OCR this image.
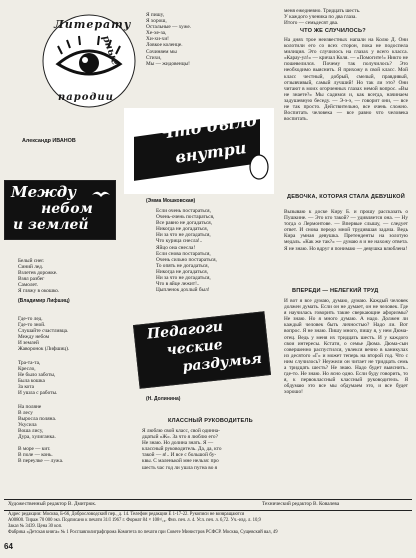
Литерату
рные
пародии
Александр ИВАНОВ
Между
небом
и землей

Белый снег.

Синий лед.

Взлетев дорожке.

Взял разбег

Самолет.

Я гляжу в окошко.

(Владимир Лифшиц)

Где-то лед.

Где-то зной.

Слушайте счастливца.

Между небом

И землей

Жаворонок (Лифшиц).

Тра-та-та,

Кресло,

Не было заботы,

Была кошка

За кота

И ушла с работы.

На поляне

В лесу

Выросла поляна.

Укусила

Воша лису,

Дура, хулиганка.

В море — кит.

В поле — конь.

В переулке — лужа.

Я пишу,

Я хорош,

Остальные — хуже.

Хе-хе-за,

Хи-хи-хи!

Ловкое коленце.

Сочиняем мы

Стихи,

Мы — жидовенцы!

Что было
внутри
(Эмма Мошковская)

Если очень постараться,

Очень-очень постараться,

Все равно не догадаться,

Никогда не догадаться,

Ни за что не догадаться,

Что курица снесла!..

Яйцо она снесла!

Если снова постараться,

Очень сильно постараться,

То опять не догадаться,

Никогда не догадаться,

Ни за что не догадаться,

Что в яйце лежит!..

Цыпленок дохлый был!

Педагоги
ческие
раздумья
(Н. Долинина)
КЛАССНЫЙ РУКОВОДИТЕЛЬ

Я люблю свой класс, свой одинна-

дцатый «Ж». За что я люблю его?

Не знаю. Но долина знать. Я —

классный руководитель. Да, да, кто

такой — я!.. И все с большой бу-

квы. С маленькой мне нельзя: про

шесть час год ли ушла пугна во я

меня ежедневно. Тридцать шесть.

У каждого ученика по два глаза.

Итого — семьдесят два.

ЧТО ЖЕ СЛУЧИЛОСЬ?

На днях трое неизвестных напали на Колю Д. Они колотили его со всех сторон, пока не подоспела милиция. Это случилось на глазах у всего класса. «Карау-ул!» — кричал Коля. — «Помогите!» Никто не пошевелился. Почему так получилось? Это необходимо выяснить. Я прихожу в свой класс. Мой класс честный, добрый, смелый, правдивый, отзывчивый, самый лучший! Но так ли это? Они читают в моих огорченных глазах немой вопрос. «Вы не знаете?» Мы садимся и, как всегда, начинаем задушевную беседу. — Э-э-э, — говорит они, — все не так просто. Действительно, все очень сложно. Воспитать человека — все равно что человека воспитать.

ДЕВОЧКА, КОТОРАЯ СТАЛА ДЕВУШКОЙ

Вызываю к доске Киру Б. и прошу рассказать о Пушкине. — Это кто такой? — удивляется она. — Ну тогда о Лермонтове. — Впервые слышу, — следует ответ. И снова передо мной трудившая задача. Ведь Кира умная девушка. Претенденты на золотую медаль. «Как же так?» — думаю я и не нахожу ответа. Я не знаю. Но вдруг я понимаю — девушка влюблена!

ВПЕРЕДИ — НЕЛЕГКИЙ ТРУД

И вот я все думаю, думаю, думаю. Каждый человек должен думать. Если он не думает, он не человек. Где я научилась говорить такие сверкающие афоризмы? Не знаю. Но я много думаю. А надо. Должен ли каждый человек быть личностью? Надо ли. Вот вопрос. Я не знаю. Пишу много, пишу я, у нем Дюма-отец. Ведь у меня их тридцать шесть. И у каждого свои интересы. Кстати, о семье Дюма. Дюма-сын совершенно распустился, увлекся вечно в каникулах из десятого «Г» и может теперь на второй год. Что с ним случилось? Неужели он читает не тридцать семь а тридцать шесть? Не знаю. Надо будет выяснить.. где-то. Не знаю. Но ясно одно. Если буду говорить, то я, к первоклассный классный руководитель. Я обдумаю это все мы обдумаем это, и все будет хорошо!

Художественный редактор В. Дмитрюк.	Технический редактор В. Ковалева
Адрес редакции: Москва, Б-66, Добрословодский пер., д. 14. Телефон редакции Е 1-17-22. Рукописи не возвращаются
А00800. Тираж 70 000 экз. Подписано к печати 31/I 1967 г. Формат 84 × 108¹/₁₆. Физ. печ. л. 4. Усл. печ. л. 6,72. Уч.-изд. л. 10,9
Заказ № 3439. Цена 30 коп.
Фабрика «Детская книга» № 1 Росглавполиграфпрома Комитета по печати при Совете Министров РСФСР. Москва, Сущевский вал, 49
64
